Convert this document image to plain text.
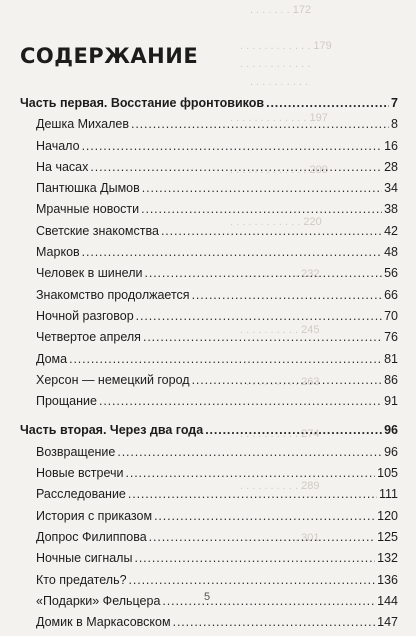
. . . . . . . 172
. . . . . . . . . . . . 179
. . . . . . . . . . . .
. . . . . . . . . .
. . . . . . . . . . . . . 197
. . . . . . . . . . . . . 209
. . . . . . . . . . . . 220
. . . . . . . . . . 232
. . . . . . . . . . 245
. . . . . . . . . . 263
. . . . . . . . . . 274
. . . . . . . . . . 289
. . . . . . . . . . 301
СОДЕРЖАНИЕ
Часть первая. Восстание фронтовиков . . .	7
Дешка Михалев . . .	8
Начало . . .	16
На часах . . .	28
Пантюшка Дымов . . .	34
Мрачные новости . . .	38
Светские знакомства . . .	42
Марков . . .	48
Человек в шинели . . .	56
Знакомство продолжается . . .	66
Ночной разговор . . .	70
Четвертое апреля . . .	76
Дома . . .	81
Херсон — немецкий город . . .	86
Прощание . . .	91
Часть вторая. Через два года . . .	96
Возвращение . . .	96
Новые встречи . . .	105
Расследование . . .	111
История с приказом . . .	120
Допрос Филиппова . . .	125
Ночные сигналы . . .	132
Кто предатель? . . .	136
«Подарки» Фельцера . . .	144
Домик в Маркасовском . . .	147
5
